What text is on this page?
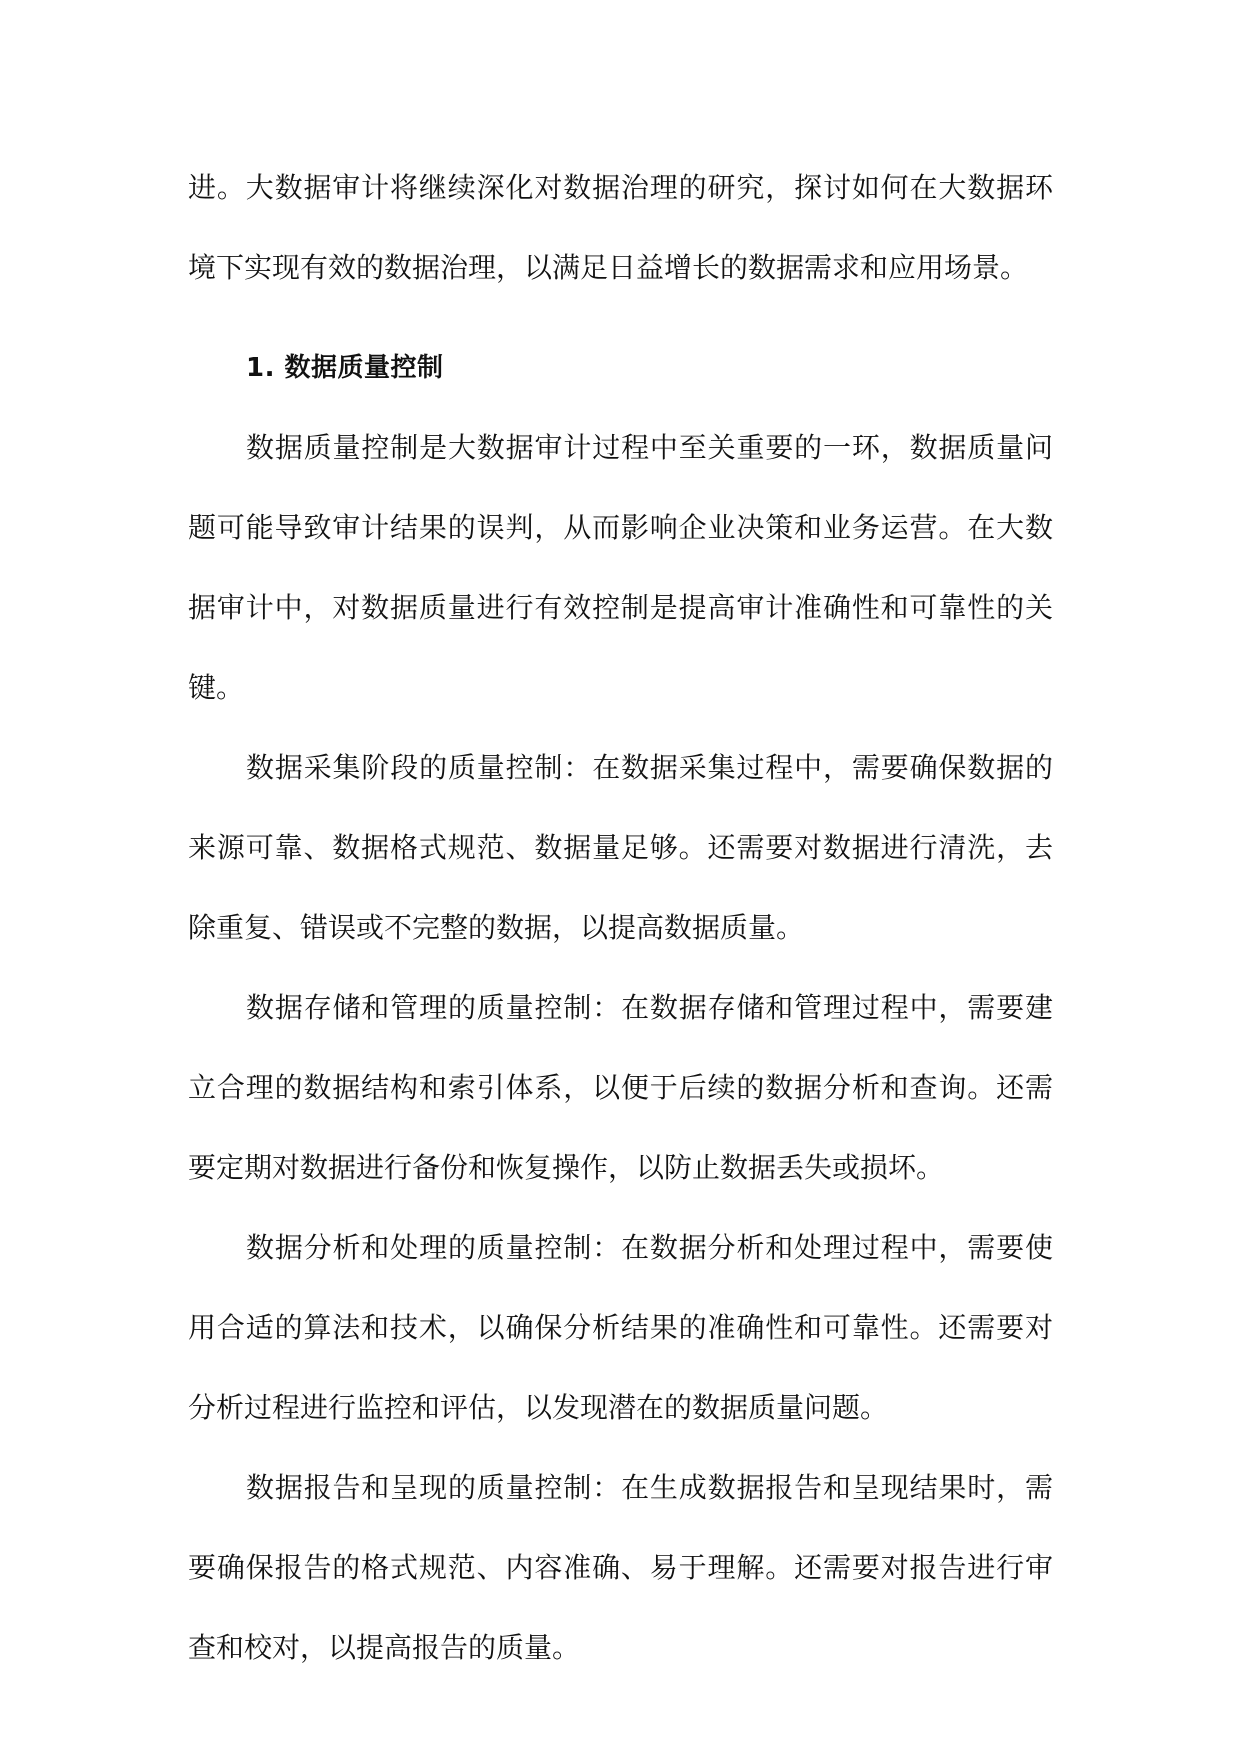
进。大数据审计将继续深化对数据治理的研究，探讨如何在大数据环境下实现有效的数据治理，以满足日益增长的数据需求和应用场景。

1. 数据质量控制

数据质量控制是大数据审计过程中至关重要的一环，数据质量问题可能导致审计结果的误判，从而影响企业决策和业务运营。在大数据审计中，对数据质量进行有效控制是提高审计准确性和可靠性的关键。

数据采集阶段的质量控制：在数据采集过程中，需要确保数据的来源可靠、数据格式规范、数据量足够。还需要对数据进行清洗，去除重复、错误或不完整的数据，以提高数据质量。

数据存储和管理的质量控制：在数据存储和管理过程中，需要建立合理的数据结构和索引体系，以便于后续的数据分析和查询。还需要定期对数据进行备份和恢复操作，以防止数据丢失或损坏。

数据分析和处理的质量控制：在数据分析和处理过程中，需要使用合适的算法和技术，以确保分析结果的准确性和可靠性。还需要对分析过程进行监控和评估，以发现潜在的数据质量问题。

数据报告和呈现的质量控制：在生成数据报告和呈现结果时，需要确保报告的格式规范、内容准确、易于理解。还需要对报告进行审查和校对，以提高报告的质量。
